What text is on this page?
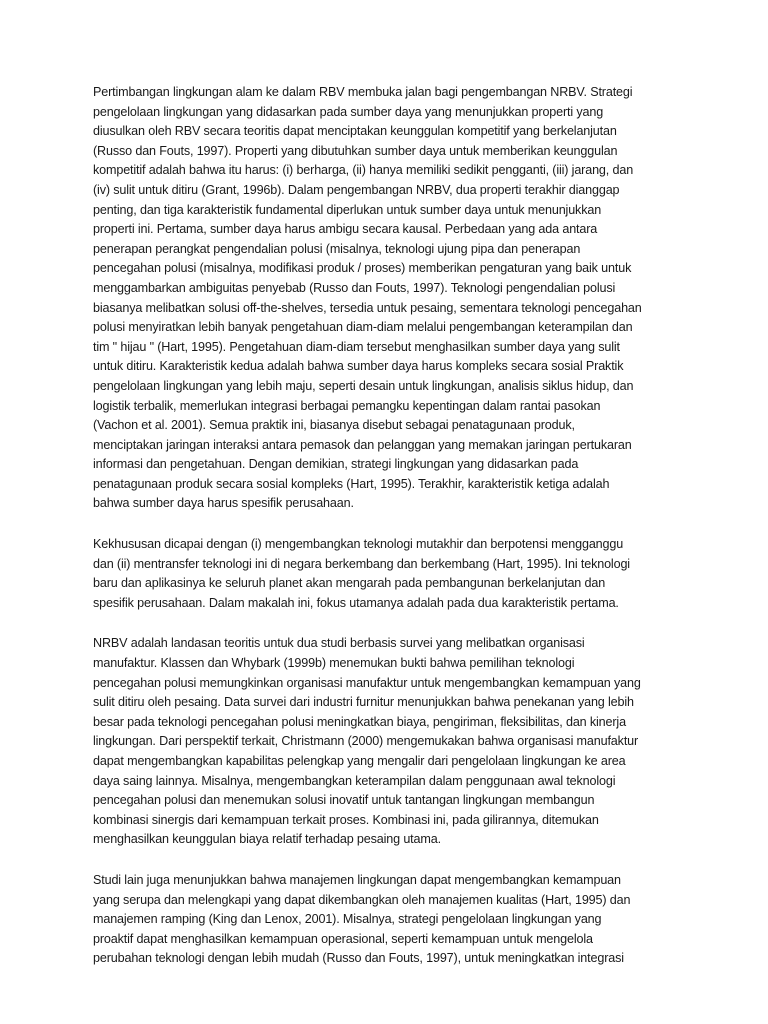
Pertimbangan lingkungan alam ke dalam RBV membuka jalan bagi pengembangan NRBV. Strategi
pengelolaan lingkungan yang didasarkan pada sumber daya yang menunjukkan properti yang
diusulkan oleh RBV secara teoritis dapat menciptakan keunggulan kompetitif yang berkelanjutan
(Russo dan Fouts, 1997). Properti yang dibutuhkan sumber daya untuk memberikan keunggulan
kompetitif adalah bahwa itu harus: (i) berharga, (ii) hanya memiliki sedikit pengganti, (iii) jarang, dan
(iv) sulit untuk ditiru (Grant, 1996b). Dalam pengembangan NRBV, dua properti terakhir dianggap
penting, dan tiga karakteristik fundamental diperlukan untuk sumber daya untuk menunjukkan
properti ini. Pertama, sumber daya harus ambigu secara kausal. Perbedaan yang ada antara
penerapan perangkat pengendalian polusi (misalnya, teknologi ujung pipa dan penerapan
pencegahan polusi (misalnya, modifikasi produk / proses) memberikan pengaturan yang baik untuk
menggambarkan ambiguitas penyebab (Russo dan Fouts, 1997). Teknologi pengendalian polusi
biasanya melibatkan solusi off-the-shelves, tersedia untuk pesaing, sementara teknologi pencegahan
polusi menyiratkan lebih banyak pengetahuan diam-diam melalui pengembangan keterampilan dan
tim " hijau " (Hart, 1995). Pengetahuan diam-diam tersebut menghasilkan sumber daya yang sulit
untuk ditiru. Karakteristik kedua adalah bahwa sumber daya harus kompleks secara sosial Praktik
pengelolaan lingkungan yang lebih maju, seperti desain untuk lingkungan, analisis siklus hidup, dan
logistik terbalik, memerlukan integrasi berbagai pemangku kepentingan dalam rantai pasokan
(Vachon et al. 2001). Semua praktik ini, biasanya disebut sebagai penatagunaan produk,
menciptakan jaringan interaksi antara pemasok dan pelanggan yang memakan jaringan pertukaran
informasi dan pengetahuan. Dengan demikian, strategi lingkungan yang didasarkan pada
penatagunaan produk secara sosial kompleks (Hart, 1995). Terakhir, karakteristik ketiga adalah
bahwa sumber daya harus spesifik perusahaan.

Kekhususan dicapai dengan (i) mengembangkan teknologi mutakhir dan berpotensi mengganggu
dan (ii) mentransfer teknologi ini di negara berkembang dan berkembang (Hart, 1995). Ini teknologi
baru dan aplikasinya ke seluruh planet akan mengarah pada pembangunan berkelanjutan dan
spesifik perusahaan. Dalam makalah ini, fokus utamanya adalah pada dua karakteristik pertama.

NRBV adalah landasan teoritis untuk dua studi berbasis survei yang melibatkan organisasi
manufaktur. Klassen dan Whybark (1999b) menemukan bukti bahwa pemilihan teknologi
pencegahan polusi memungkinkan organisasi manufaktur untuk mengembangkan kemampuan yang
sulit ditiru oleh pesaing. Data survei dari industri furnitur menunjukkan bahwa penekanan yang lebih
besar pada teknologi pencegahan polusi meningkatkan biaya, pengiriman, fleksibilitas, dan kinerja
lingkungan. Dari perspektif terkait, Christmann (2000) mengemukakan bahwa organisasi manufaktur
dapat mengembangkan kapabilitas pelengkap yang mengalir dari pengelolaan lingkungan ke area
daya saing lainnya. Misalnya, mengembangkan keterampilan dalam penggunaan awal teknologi
pencegahan polusi dan menemukan solusi inovatif untuk tantangan lingkungan membangun
kombinasi sinergis dari kemampuan terkait proses. Kombinasi ini, pada gilirannya, ditemukan
menghasilkan keunggulan biaya relatif terhadap pesaing utama.

Studi lain juga menunjukkan bahwa manajemen lingkungan dapat mengembangkan kemampuan
yang serupa dan melengkapi yang dapat dikembangkan oleh manajemen kualitas (Hart, 1995) dan
manajemen ramping (King dan Lenox, 2001). Misalnya, strategi pengelolaan lingkungan yang
proaktif dapat menghasilkan kemampuan operasional, seperti kemampuan untuk mengelola
perubahan teknologi dengan lebih mudah (Russo dan Fouts, 1997), untuk meningkatkan integrasi
